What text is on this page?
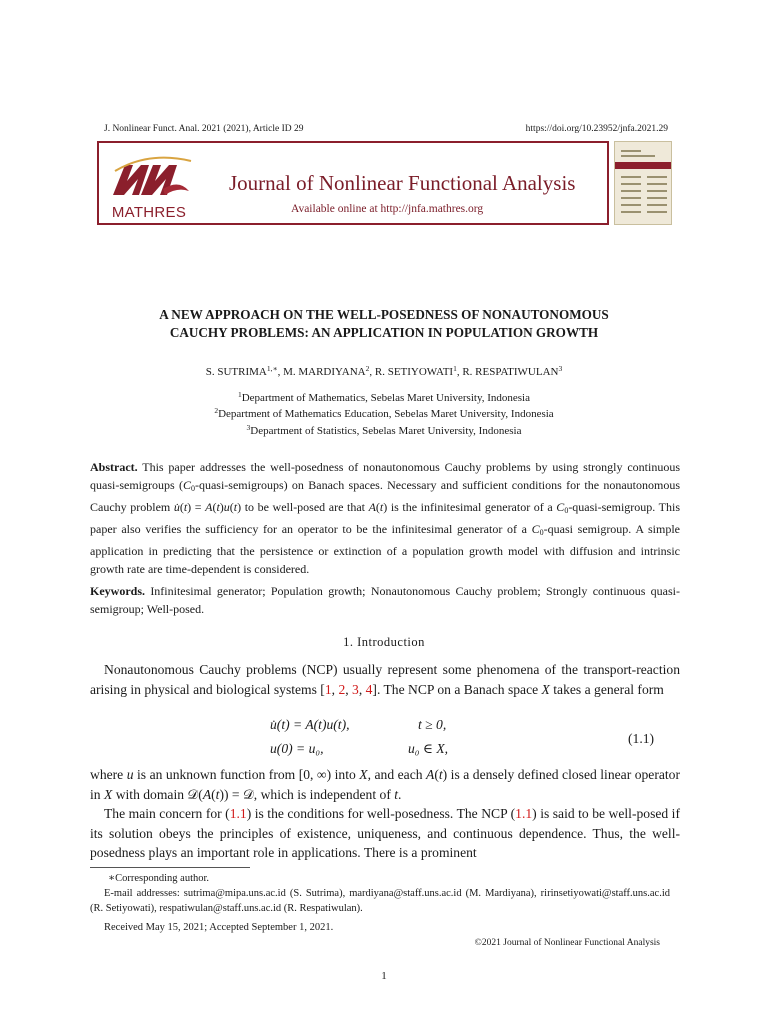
J. Nonlinear Funct. Anal. 2021 (2021), Article ID 29	https://doi.org/10.23952/jnfa.2021.29
MATHRES
Journal of Nonlinear Functional Analysis
Available online at http://jnfa.mathres.org
A NEW APPROACH ON THE WELL-POSEDNESS OF NONAUTONOMOUS
CAUCHY PROBLEMS: AN APPLICATION IN POPULATION GROWTH
S. $SUTRIMA^{1,∗}$, M. MARDIYANA$^2$, R. SETIYOWATI$^1$, R. RESPATIWULAN$^3$
$^1$Department of Mathematics, Sebelas Maret University, Indonesia
$^2$Department of Mathematics Education, Sebelas Maret University, Indonesia
$^3$Department of Statistics, Sebelas Maret University, Indonesia
Abstract. This paper addresses the well-posedness of nonautonomous Cauchy problems by using strongly continuous quasi-semigroups $(C_0-quasi-semigroups)$ on Banach spaces. Necessary and sufficient conditions for the nonautonomous Cauchy problem u̇(t) = A(t)u(t) to be well-posed are that A(t) is the infinitesimal generator of a $C_0-quasi$-semigroup. This paper also verifies the sufficiency for an operator to be the infinitesimal generator of a $C_0$-quasi semigroup. A simple application in predicting that the persistence or extinction of a population growth model with diffusion and intrinsic growth rate are time-dependent is considered.
Keywords. Infinitesimal generator; Population growth; Nonautonomous Cauchy problem; Strongly continuous quasi-semigroup; Well-posed.
1. Introduction
Nonautonomous Cauchy problems (NCP) usually represent some phenomena of the transport-reaction arising in physical and biological systems [1, 2, 3, 4]. The NCP on a Banach space X takes a general form
u̇(t) = A(t)u(t),	t ≥ 0,
u(0) = u₀,	u₀ ∈ X,
(1.1)
where u is an unknown function from [0, ∞) into X, and each A(t) is a densely defined closed linear operator in X with domain 𝒟(A(t)) = 𝒟, which is independent of t.
The main concern for (1.1) is the conditions for well-posedness. The NCP (1.1) is said to be well-posed if its solution obeys the principles of existence, uniqueness, and continuous dependence. Thus, the well-posedness plays an important role in applications. There is a prominent
∗Corresponding author.
E-mail addresses: sutrima@mipa.uns.ac.id (S. Sutrima), mardiyana@staff.uns.ac.id (M. Mardiyana), ririnsetiyowati@staff.uns.ac.id (R. Setiyowati), respatiwulan@staff.uns.ac.id (R. Respatiwulan).
Received May 15, 2021; Accepted September 1, 2021.
©2021 Journal of Nonlinear Functional Analysis
1
